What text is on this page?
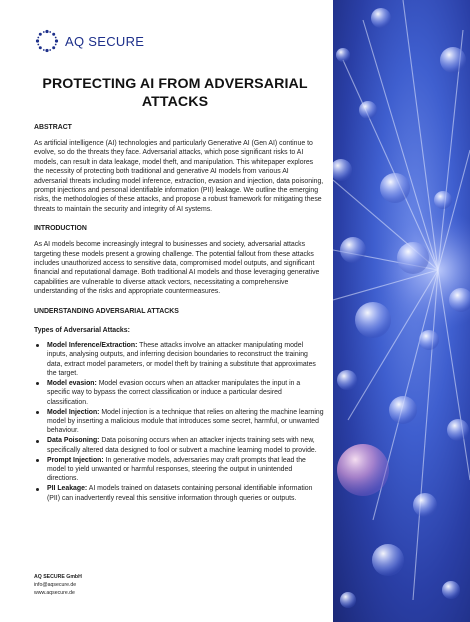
AQ SECURE
PROTECTING AI FROM ADVERSARIAL ATTACKS

ABSTRACT

As artificial intelligence (AI) technologies and particularly Generative AI (Gen AI) continue to evolve, so do the threats they face. Adversarial attacks, which pose significant risks to AI models, can result in data leakage, model theft, and manipulation. This whitepaper explores the necessity of protecting both traditional and generative AI models from various AI adversarial threats including model inference, extraction, evasion and injection, data poisoning, prompt injections and personal identifiable information (PII) leakage. We outline the emerging risks, the methodologies of these attacks, and propose a robust framework for mitigating these threats to maintain the security and integrity of AI systems.

INTRODUCTION

As AI models become increasingly integral to businesses and society, adversarial attacks targeting these models present a growing challenge. The potential fallout from these attacks includes unauthorized access to sensitive data, compromised model outputs, and significant financial and reputational damage. Both traditional AI models and those leveraging generative capabilities are vulnerable to diverse attack vectors, necessitating a comprehensive understanding of the risks and appropriate countermeasures.

UNDERSTANDING ADVERSARIAL ATTACKS

Types of Adversarial Attacks:

Model Inference/Extraction: These attacks involve an attacker manipulating model inputs, analysing outputs, and inferring decision boundaries to reconstruct the training data, extract model parameters, or model theft by training a substitute that approximates the target.
Model evasion: Model evasion occurs when an attacker manipulates the input in a specific way to bypass the correct classification or induce a particular desired classification.
Model Injection: Model injection is a technique that relies on altering the machine learning model by inserting a malicious module that introduces some secret, harmful, or unwanted behaviour.
Data Poisoning: Data poisoning occurs when an attacker injects training sets with new, specifically altered data designed to fool or subvert a machine learning model to provide.
Prompt Injection: In generative models, adversaries may craft prompts that lead the model to yield unwanted or harmful responses, steering the output in unintended directions.
PII Leakage: AI models trained on datasets containing personal identifiable information (PII) can inadvertently reveal this sensitive information through queries or outputs.
AQ SECURE GmbH
info@aqsecure.de
www.aqsecure.de
